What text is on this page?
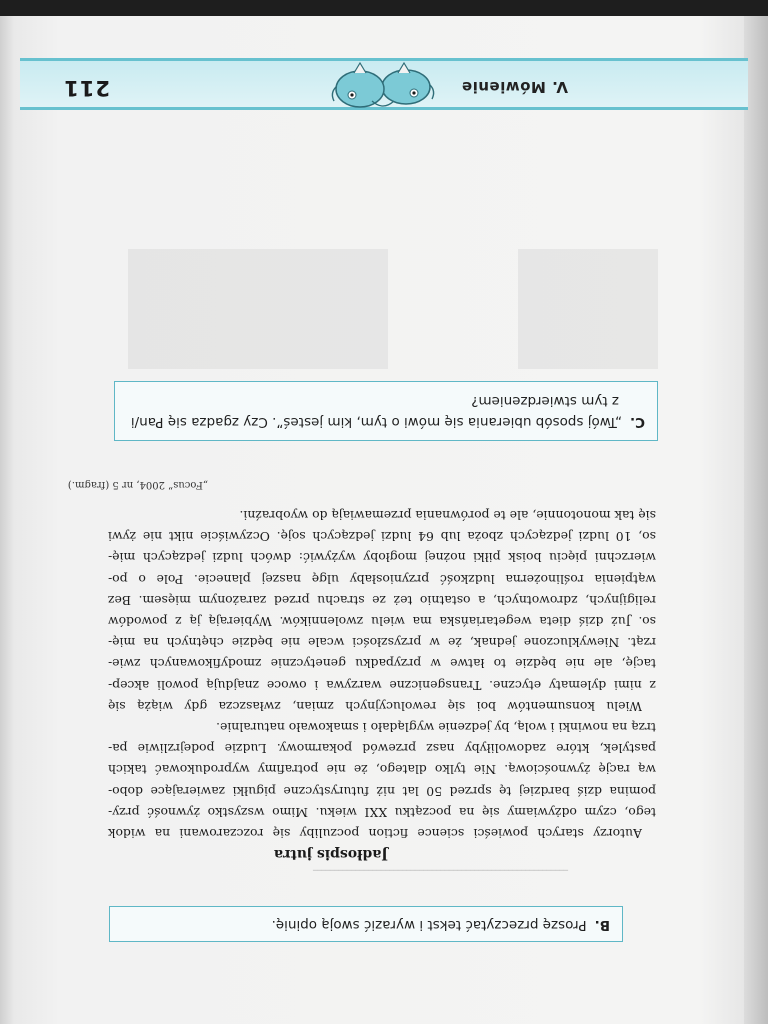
____________________________________________________________
B.Proszę przeczytać tekst i wyrazić swoją opinię.
Jadłospis jutra
Autorzy starych powieści science fiction poczuliby się rozczarowani na widok
tego, czym odżywiamy się na początku XXI wieku. Mimo wszystko żywność przy-
pomina dziś bardziej tę sprzed 50 lat niż futurystyczne pigułki zawierające dobo-
wą rację żywnościową. Nie tylko dlatego, że nie potrafimy wyprodukować takich
pastylek, które zadowoliłyby nasz przewód pokarmowy. Ludzie podejrzliwie pa-
trzą na nowinki i wolą, by jedzenie wyglądało i smakowało naturalnie.
Wielu konsumentów boi się rewolucyjnych zmian, zwłaszcza gdy wiążą się
z nimi dylematy etyczne. Transgeniczne warzywa i owoce znajdują powoli akcep-
tację, ale nie będzie to łatwe w przypadku genetycznie zmodyfikowanych zwie-
rząt. Niewykluczone jednak, że w przyszłości wcale nie będzie chętnych na mię-
so. Już dziś dieta wegetariańska ma wielu zwolenników. Wybierają ją z powodów
religijnych, zdrowotnych, a ostatnio też ze strachu przed zarażonym mięsem. Bez
wątpienia roślinożerna ludzkość przyniosłaby ulgę naszej planecie. Pole o po-
wierzchni pięciu boisk piłki nożnej mogłoby wyżywić: dwóch ludzi jedzących mię-
so, 10 ludzi jedzących zboża lub 64 ludzi jedzących soję. Oczywiście nikt nie żywi
się tak monotonnie, ale te porównania przemawiają do wyobraźni.
„Focus” 2004, nr 5 (fragm.)
C.„Twój sposób ubierania się mówi o tym, kim jesteś”. Czy zgadza się Pan/i
z tym stwierdzeniem?
V. Mówienie
211
